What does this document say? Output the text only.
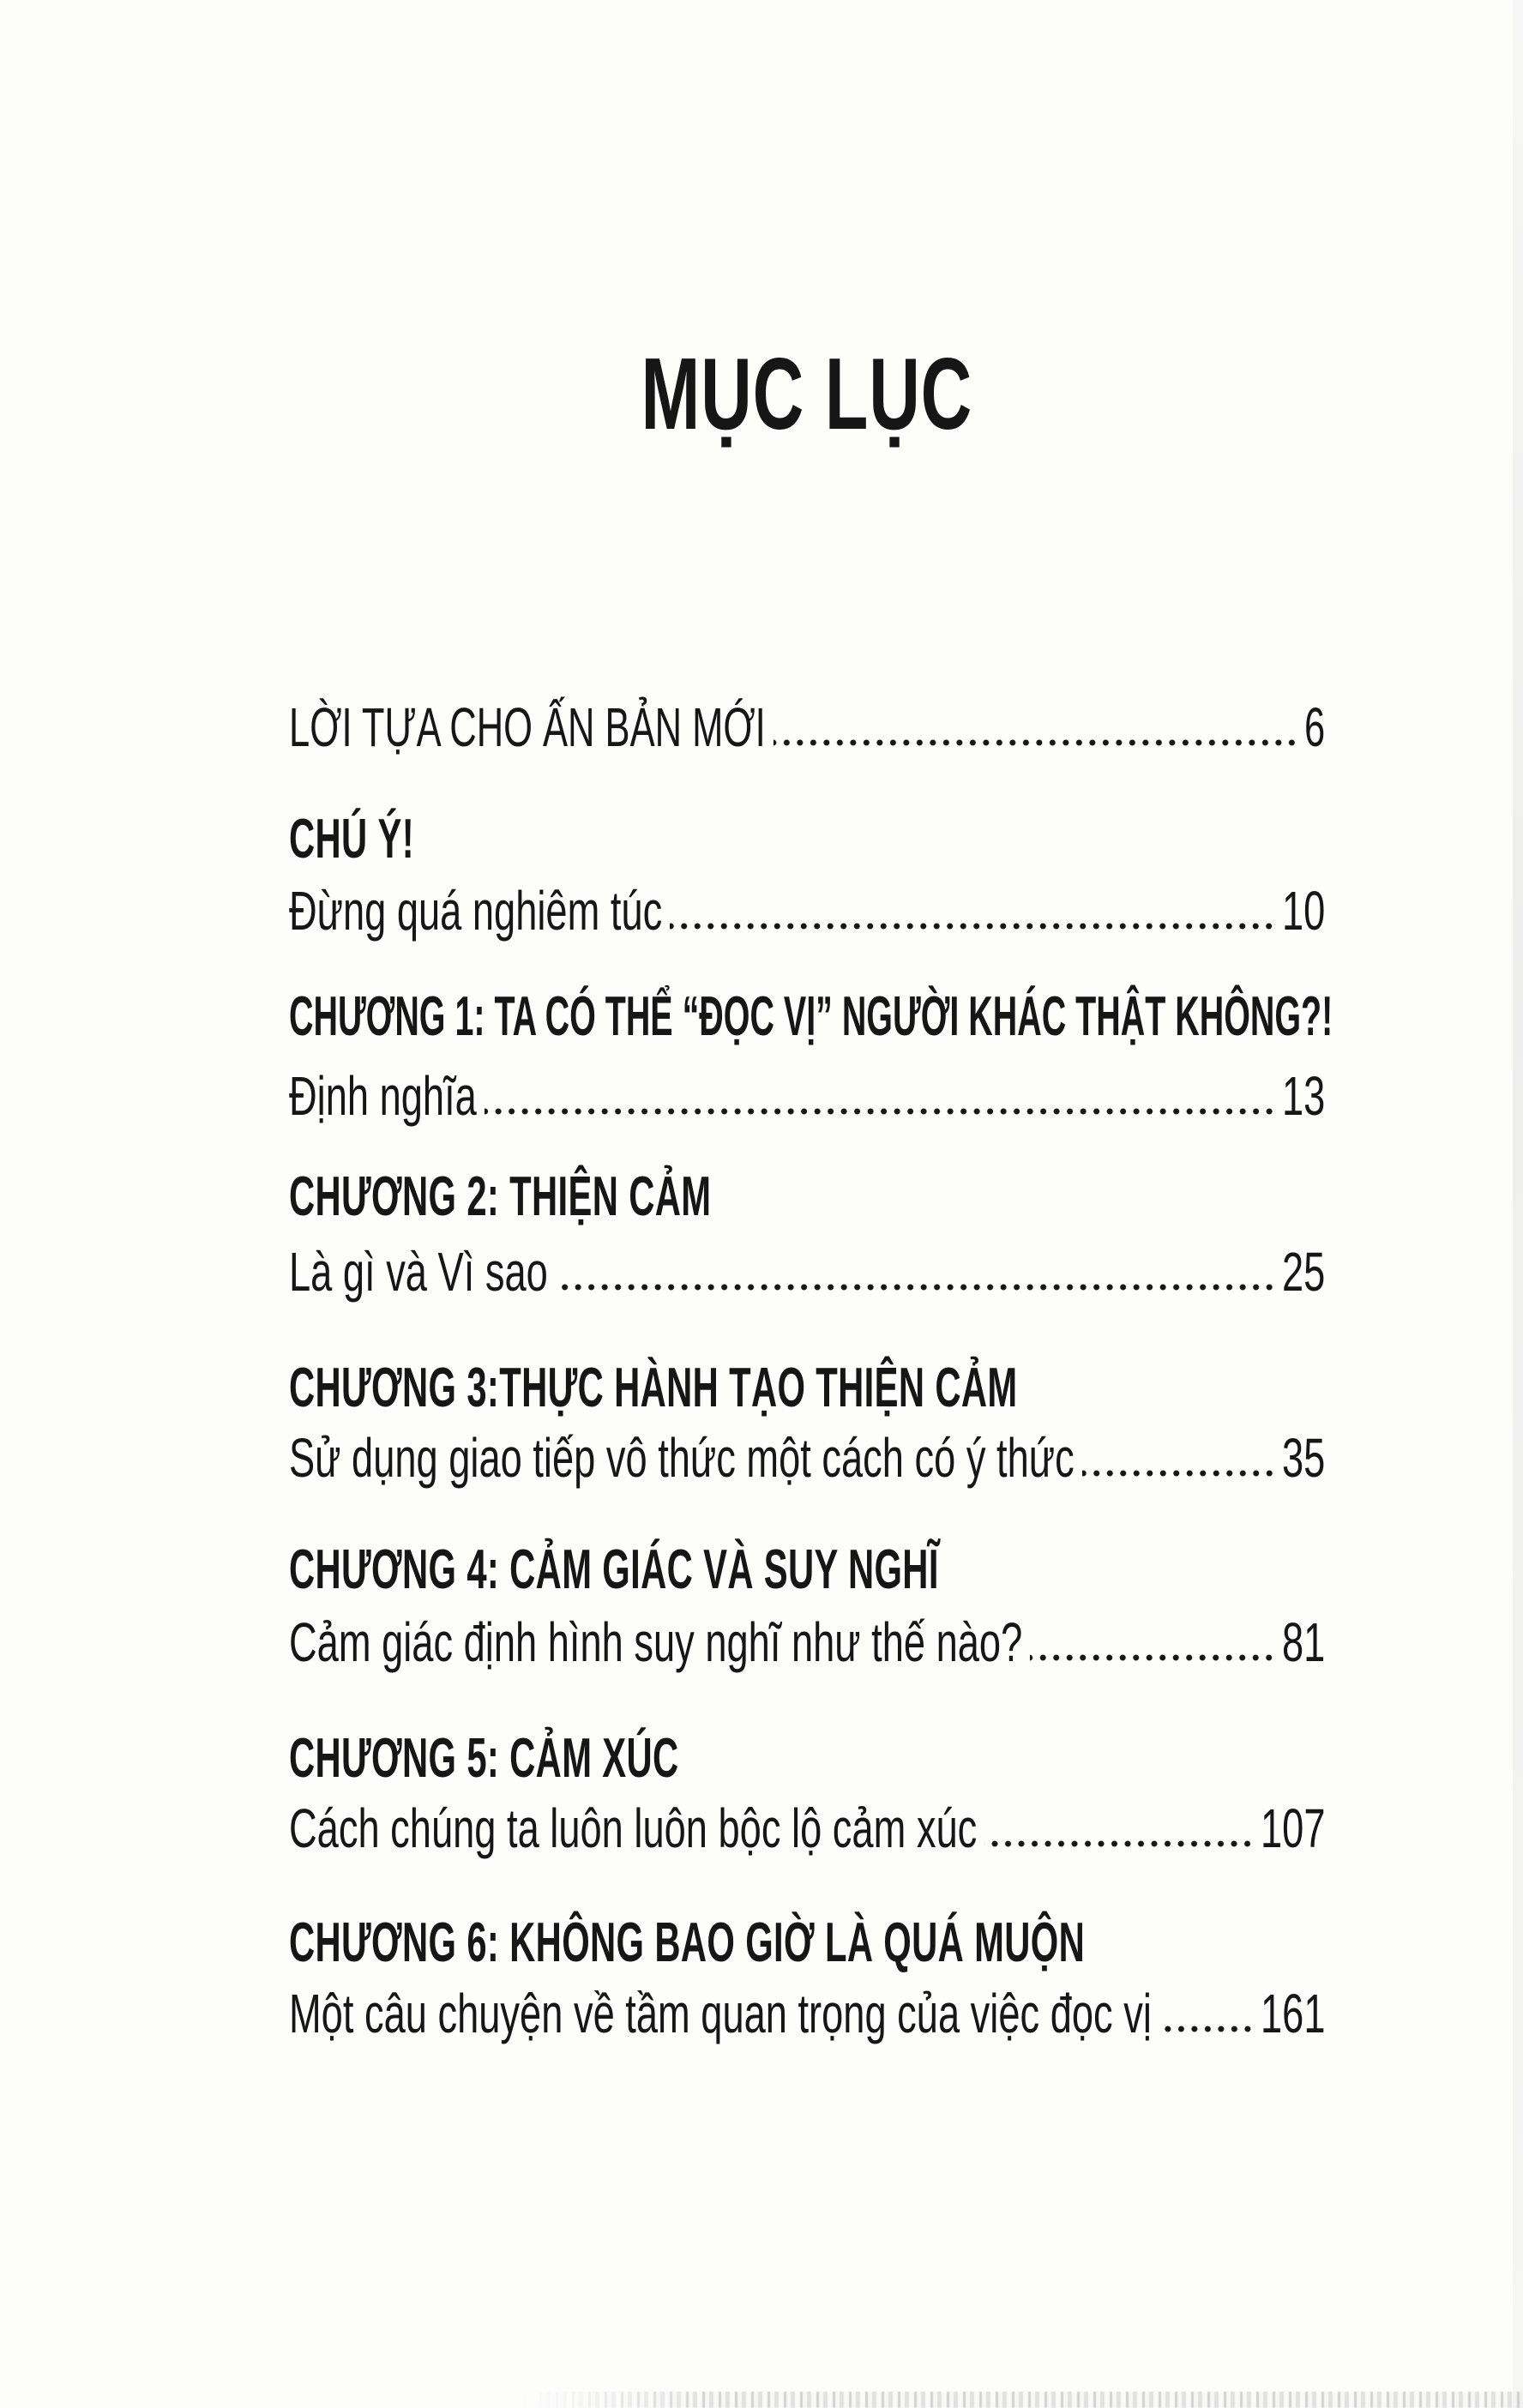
MỤC LỤC
LỜI TỰA CHO ẤN BẢN MỚI	6
CHÚ Ý!
Đừng quá nghiêm túc	10
CHƯƠNG 1: TA CÓ THỂ “ĐỌC VỊ” NGƯỜI KHÁC THẬT KHÔNG?!
Định nghĩa	13
CHƯƠNG 2: THIỆN CẢM
Là gì và Vì sao	25
CHƯƠNG 3:THỰC HÀNH TẠO THIỆN CẢM
Sử dụng giao tiếp vô thức một cách có ý thức	35
CHƯƠNG 4: CẢM GIÁC VÀ SUY NGHĨ
Cảm giác định hình suy nghĩ như thế nào?	81
CHƯƠNG 5: CẢM XÚC
Cách chúng ta luôn luôn bộc lộ cảm xúc	107
CHƯƠNG 6: KHÔNG BAO GIỜ LÀ QUÁ MUỘN
Một câu chuyện về tầm quan trọng của việc đọc vị 161
